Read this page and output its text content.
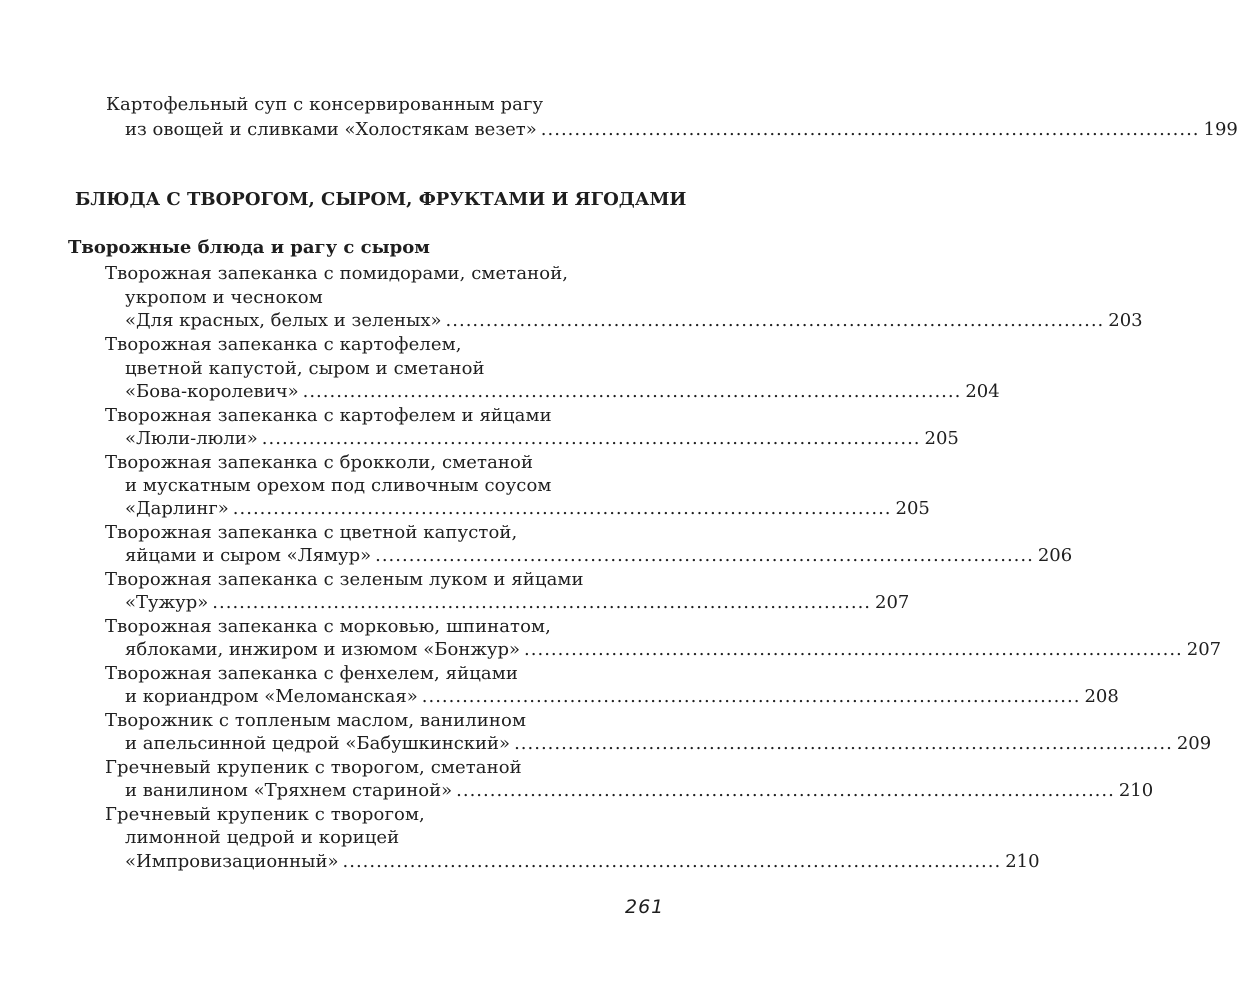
Картофельный суп с консервированным рагу
из овощей и сливками «Холостякам везет» .................................................................................................. 199
БЛЮДА С ТВОРОГОМ, СЫРОМ, ФРУКТАМИ И ЯГОДАМИ
Творожные блюда и рагу с сыром
Творожная запеканка с помидорами, сметаной,
укропом и чесноком
«Для красных, белых и зеленых» .................................................................................................. 203
Творожная запеканка с картофелем,
цветной капустой, сыром и сметаной
«Бова-королевич» .................................................................................................. 204
Творожная запеканка с картофелем и яйцами
«Люли-люли» .................................................................................................. 205
Творожная запеканка с брокколи, сметаной
и мускатным орехом под сливочным соусом
«Дарлинг» .................................................................................................. 205
Творожная запеканка с цветной капустой,
яйцами и сыром «Лямур» .................................................................................................. 206
Творожная запеканка с зеленым луком и яйцами
«Тужур» .................................................................................................. 207
Творожная запеканка с морковью, шпинатом,
яблоками, инжиром и изюмом «Бонжур» .................................................................................................. 207
Творожная запеканка с фенхелем, яйцами
и кориандром «Меломанская» .................................................................................................. 208
Творожник с топленым маслом, ванилином
и апельсинной цедрой «Бабушкинский» .................................................................................................. 209
Гречневый крупеник с творогом, сметаной
и ванилином «Тряхнем стариной» .................................................................................................. 210
Гречневый крупеник с творогом,
лимонной цедрой и корицей
«Импровизационный» .................................................................................................. 210
261
